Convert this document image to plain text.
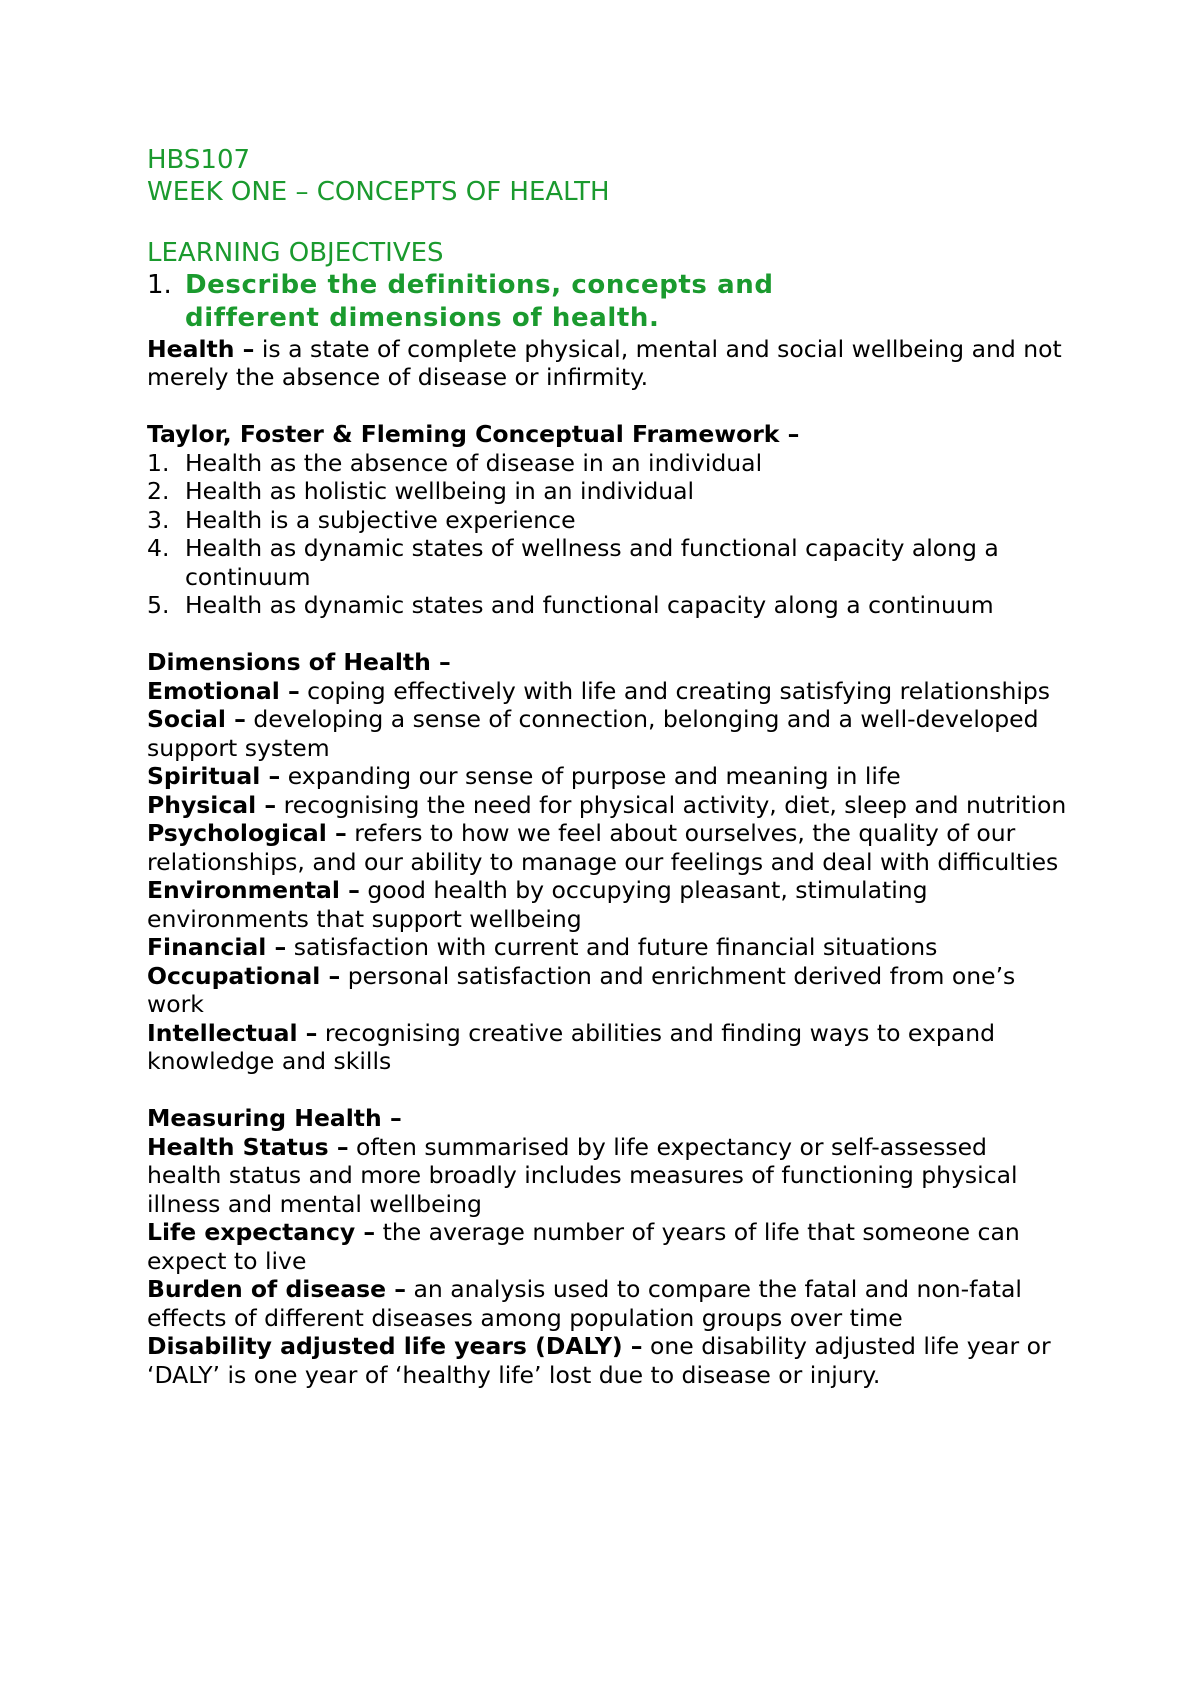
HBS107
WEEK ONE – CONCEPTS OF HEALTH
LEARNING OBJECTIVES
1. Describe the definitions, concepts and
different dimensions of health.

Health – is a state of complete physical, mental and social wellbeing and not merely the absence of disease or infirmity.

Taylor, Foster & Fleming Conceptual Framework –

1. Health as the absence of disease in an individual
2. Health as holistic wellbeing in an individual
3. Health is a subjective experience
4. Health as dynamic states of wellness and functional capacity along a continuum
5. Health as dynamic states and functional capacity along a continuum

Dimensions of Health –

Emotional – coping effectively with life and creating satisfying relationships

Social – developing a sense of connection, belonging and a well-developed support system

Spiritual – expanding our sense of purpose and meaning in life

Physical – recognising the need for physical activity, diet, sleep and nutrition

Psychological – refers to how we feel about ourselves, the quality of our relationships, and our ability to manage our feelings and deal with difficulties

Environmental – good health by occupying pleasant, stimulating environments that support wellbeing

Financial – satisfaction with current and future financial situations

Occupational – personal satisfaction and enrichment derived from one’s work

Intellectual – recognising creative abilities and finding ways to expand knowledge and skills

Measuring Health –

Health Status – often summarised by life expectancy or self-assessed health status and more broadly includes measures of functioning physical illness and mental wellbeing

Life expectancy – the average number of years of life that someone can expect to live

Burden of disease – an analysis used to compare the fatal and non-fatal effects of different diseases among population groups over time

Disability adjusted life years (DALY) – one disability adjusted life year or ‘DALY’ is one year of ‘healthy life’ lost due to disease or injury.
